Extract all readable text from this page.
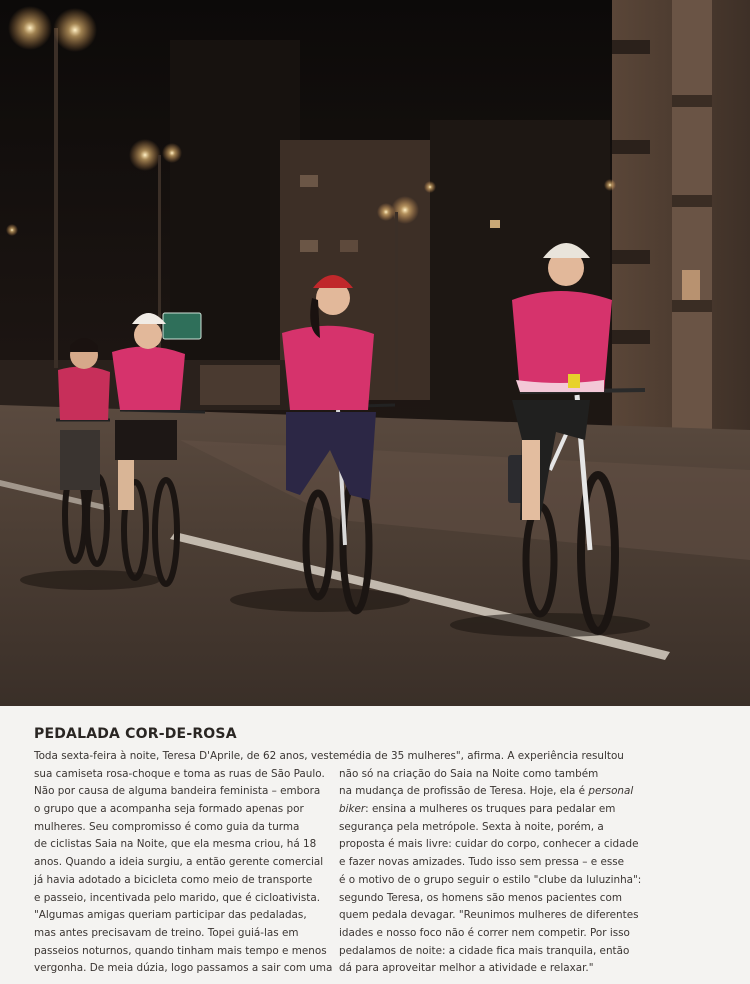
PEDALADA COR-DE-ROSA
Toda sexta-feira à noite, Teresa D'Aprile, de 62 anos, veste
sua camiseta rosa-choque e toma as ruas de São Paulo.
Não por causa de alguma bandeira feminista – embora
o grupo que a acompanha seja formado apenas por
mulheres. Seu compromisso é como guia da turma
de ciclistas Saia na Noite, que ela mesma criou, há 18
anos. Quando a ideia surgiu, a então gerente comercial
já havia adotado a bicicleta como meio de transporte
e passeio, incentivada pelo marido, que é cicloativista.
"Algumas amigas queriam participar das pedaladas,
mas antes precisavam de treino. Topei guiá-las em
passeios noturnos, quando tinham mais tempo e menos
vergonha. De meia dúzia, logo passamos a sair com uma
média de 35 mulheres", afirma. A experiência resultou
não só na criação do Saia na Noite como também
na mudança de profissão de Teresa. Hoje, ela é personal
biker: ensina a mulheres os truques para pedalar em
segurança pela metrópole. Sexta à noite, porém, a
proposta é mais livre: cuidar do corpo, conhecer a cidade
e fazer novas amizades. Tudo isso sem pressa – e esse
é o motivo de o grupo seguir o estilo "clube da luluzinha":
segundo Teresa, os homens são menos pacientes com
quem pedala devagar. "Reunimos mulheres de diferentes
idades e nosso foco não é correr nem competir. Por isso
pedalamos de noite: a cidade fica mais tranquila, então
dá para aproveitar melhor a atividade e relaxar."
